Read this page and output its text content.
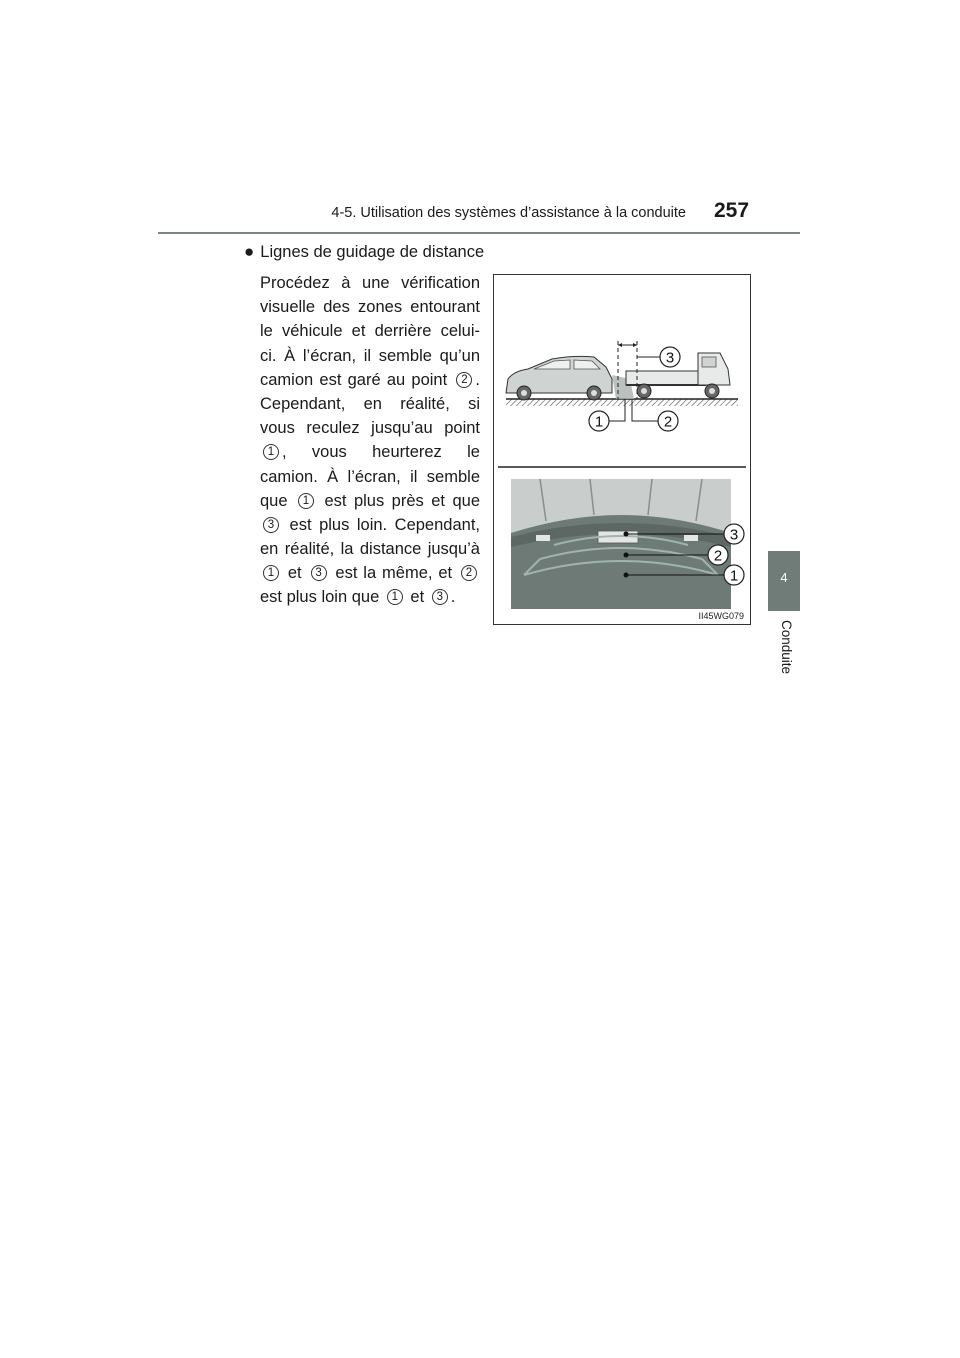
4-5. Utilisation des systèmes d’assistance à la conduite 257
4
Conduite
● Lignes de guidage de distance
Procédez à une vérification
visuelle des zones entourant
le véhicule et derrière celui-
ci. À l’écran, il semble qu’un
camion est garé au point 2 .
Cependant, en réalité, si
vous reculez jusqu’au point
1 , vous heurterez le
camion. À l’écran, il semble
que 1 est plus près et que
3 est plus loin. Cependant,
en réalité, la distance jusqu’à
1 et 3 est la même, et 2
est plus loin que 1 et 3 .
3
1	2
3
2
1
II45WG079
